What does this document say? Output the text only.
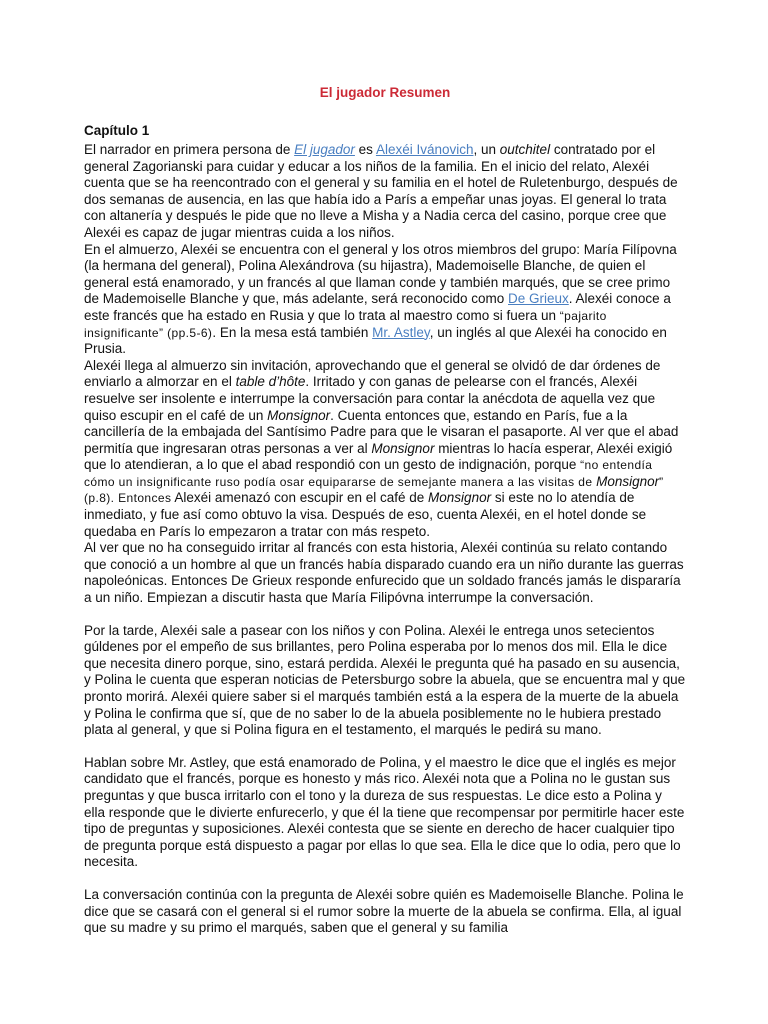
El jugador Resumen
Capítulo 1

El narrador en primera persona de El jugador es Alexéi Ivánovich, un outchitel contratado por el general Zagorianski para cuidar y educar a los niños de la familia. En el inicio del relato, Alexéi cuenta que se ha reencontrado con el general y su familia en el hotel de Ruletenburgo, después de dos semanas de ausencia, en las que había ido a París a empeñar unas joyas. El general lo trata con altanería y después le pide que no lleve a Misha y a Nadia cerca del casino, porque cree que Alexéi es capaz de jugar mientras cuida a los niños.

En el almuerzo, Alexéi se encuentra con el general y los otros miembros del grupo: María Filípovna (la hermana del general), Polina Alexándrova (su hijastra), Mademoiselle Blanche, de quien el general está enamorado, y un francés al que llaman conde y también marqués, que se cree primo de Mademoiselle Blanche y que, más adelante, será reconocido como De Grieux. Alexéi conoce a este francés que ha estado en Rusia y que lo trata al maestro como si fuera un “pajarito insignificante” (pp.5-6). En la mesa está también Mr. Astley, un inglés al que Alexéi ha conocido en Prusia.

Alexéi llega al almuerzo sin invitación, aprovechando que el general se olvidó de dar órdenes de enviarlo a almorzar en el table d’hôte. Irritado y con ganas de pelearse con el francés, Alexéi resuelve ser insolente e interrumpe la conversación para contar la anécdota de aquella vez que quiso escupir en el café de un Monsignor. Cuenta entonces que, estando en París, fue a la cancillería de la embajada del Santísimo Padre para que le visaran el pasaporte. Al ver que el abad permitía que ingresaran otras personas a ver al Monsignor mientras lo hacía esperar, Alexéi exigió que lo atendieran, a lo que el abad respondió con un gesto de indignación, porque “no entendía cómo un insignificante ruso podía osar equipararse de semejante manera a las visitas de Monsignor” (p.8). Entonces Alexéi amenazó con escupir en el café de Monsignor si este no lo atendía de inmediato, y fue así como obtuvo la visa. Después de eso, cuenta Alexéi, en el hotel donde se quedaba en París lo empezaron a tratar con más respeto.

Al ver que no ha conseguido irritar al francés con esta historia, Alexéi continúa su relato contando que conoció a un hombre al que un francés había disparado cuando era un niño durante las guerras napoleónicas. Entonces De Grieux responde enfurecido que un soldado francés jamás le dispararía a un niño. Empiezan a discutir hasta que María Filipóvna interrumpe la conversación.

Por la tarde, Alexéi sale a pasear con los niños y con Polina. Alexéi le entrega unos setecientos gúldenes por el empeño de sus brillantes, pero Polina esperaba por lo menos dos mil. Ella le dice que necesita dinero porque, sino, estará perdida. Alexéi le pregunta qué ha pasado en su ausencia, y Polina le cuenta que esperan noticias de Petersburgo sobre la abuela, que se encuentra mal y que pronto morirá. Alexéi quiere saber si el marqués también está a la espera de la muerte de la abuela y Polina le confirma que sí, que de no saber lo de la abuela posiblemente no le hubiera prestado plata al general, y que si Polina figura en el testamento, el marqués le pedirá su mano.

Hablan sobre Mr. Astley, que está enamorado de Polina, y el maestro le dice que el inglés es mejor candidato que el francés, porque es honesto y más rico. Alexéi nota que a Polina no le gustan sus preguntas y que busca irritarlo con el tono y la dureza de sus respuestas. Le dice esto a Polina y ella responde que le divierte enfurecerlo, y que él la tiene que recompensar por permitirle hacer este tipo de preguntas y suposiciones. Alexéi contesta que se siente en derecho de hacer cualquier tipo de pregunta porque está dispuesto a pagar por ellas lo que sea. Ella le dice que lo odia, pero que lo necesita.

La conversación continúa con la pregunta de Alexéi sobre quién es Mademoiselle Blanche. Polina le dice que se casará con el general si el rumor sobre la muerte de la abuela se confirma. Ella, al igual que su madre y su primo el marqués, saben que el general y su familia
